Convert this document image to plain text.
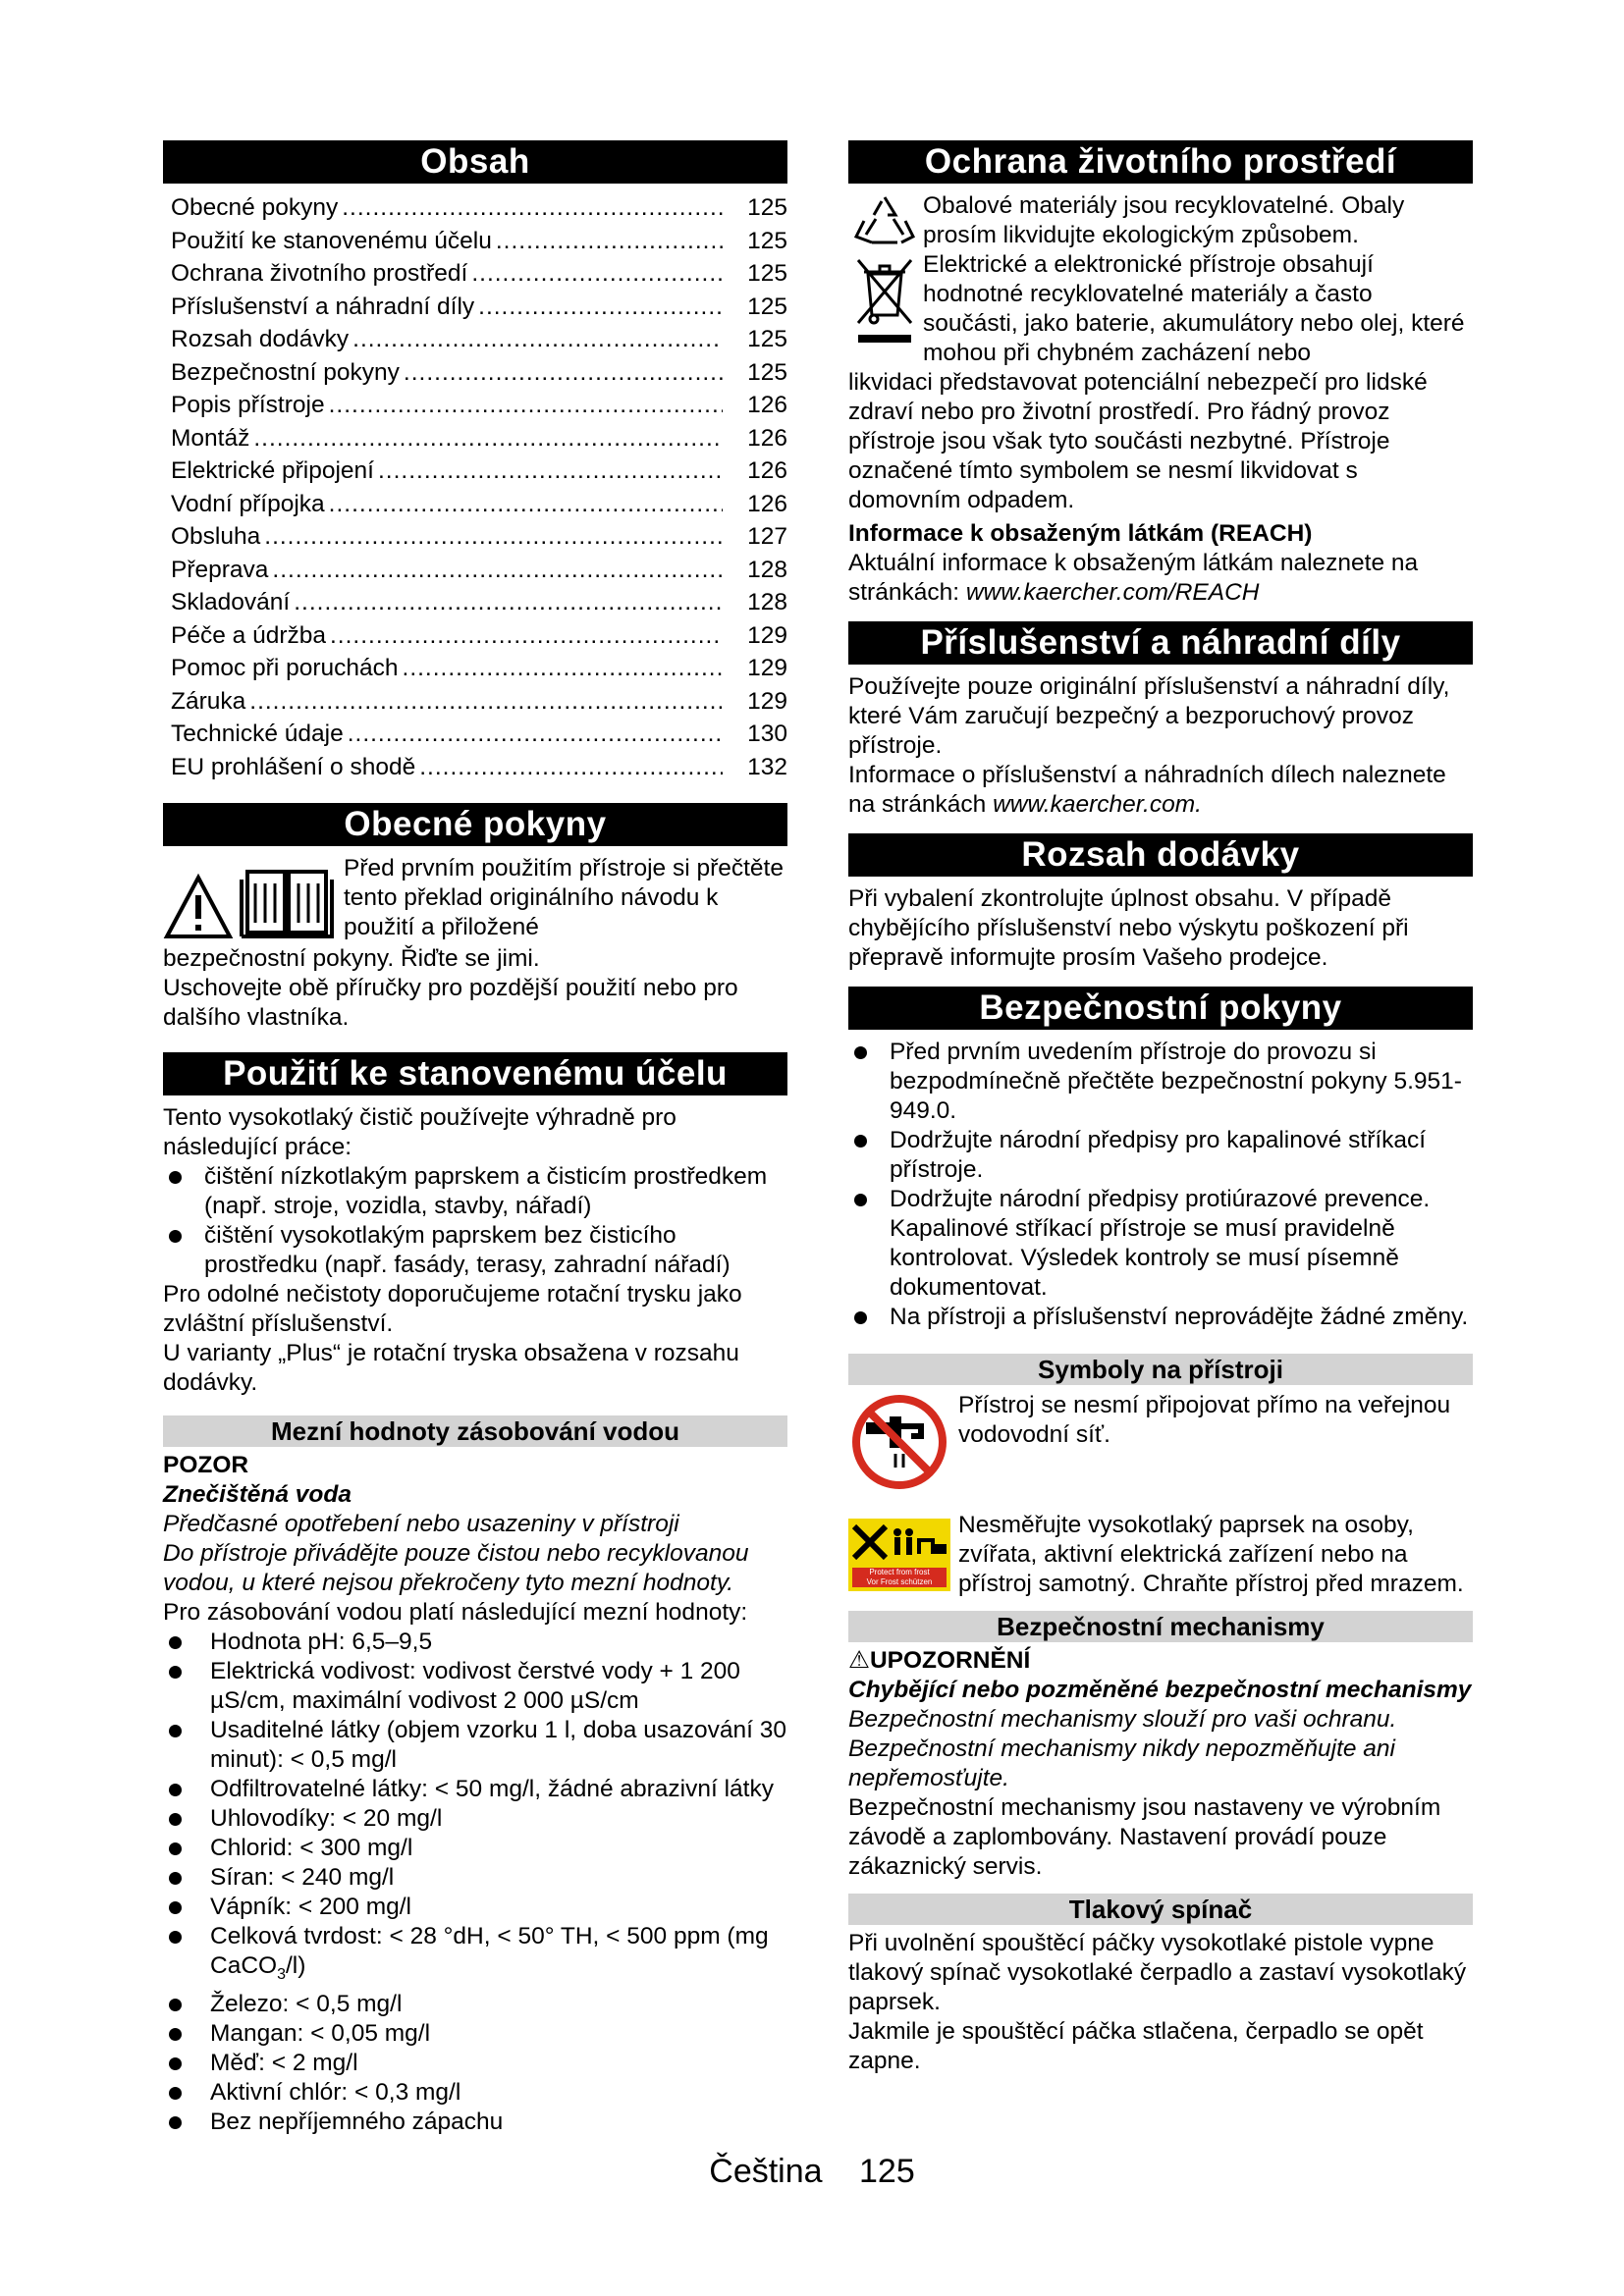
Obsah
Obecné pokyny .....	125
Použití ke stanovenému účelu .....	125
Ochrana životního prostředí .....	125
Příslušenství a náhradní díly .....	125
Rozsah dodávky .....	125
Bezpečnostní pokyny .....	125
Popis přístroje .....	126
Montáž .....	126
Elektrické připojení .....	126
Vodní přípojka .....	126
Obsluha .....	127
Přeprava .....	128
Skladování .....	128
Péče a údržba .....	129
Pomoc při poruchách .....	129
Záruka .....	129
Technické údaje .....	130
EU prohlášení o shodě .....	132
Obecné pokyny

Před prvním použitím přístroje si přečtěte tento překlad originálního návodu k použití a přiložené

bezpečnostní pokyny. Řiďte se jimi.

Uschovejte obě příručky pro pozdější použití nebo pro dalšího vlastníka.

Použití ke stanovenému účelu

Tento vysokotlaký čistič používejte výhradně pro následující práce:

čištění nízkotlakým paprskem a čisticím prostředkem (např. stroje, vozidla, stavby, nářadí)
čištění vysokotlakým paprskem bez čisticího prostředku (např. fasády, terasy, zahradní nářadí)

Pro odolné nečistoty doporučujeme rotační trysku jako zvláštní příslušenství.

U varianty „Plus“ je rotační tryska obsažena v rozsahu dodávky.

Mezní hodnoty zásobování vodou

POZOR

Znečištěná voda

Předčasné opotřebení nebo usazeniny v přístroji

Do přístroje přivádějte pouze čistou nebo recyklovanou vodou, u které nejsou překročeny tyto mezní hodnoty.

Pro zásobování vodou platí následující mezní hodnoty:

Hodnota pH: 6,5–9,5
Elektrická vodivost: vodivost čerstvé vody + 1 200 µS/cm, maximální vodivost 2 000 µS/cm
Usaditelné látky (objem vzorku 1 l, doba usazování 30 minut): < 0,5 mg/l
Odfiltrovatelné látky: < 50 mg/l, žádné abrazivní látky
Uhlovodíky: < 20 mg/l
Chlorid: < 300 mg/l
Síran: < 240 mg/l
Vápník: < 200 mg/l
Celková tvrdost: < 28 °dH, < 50° TH, < 500 ppm (mg CaCO$_3$/l)
Železo: < 0,5 mg/l
Mangan: < 0,05 mg/l
Měď: < 2 mg/l
Aktivní chlór: < 0,3 mg/l
Bez nepříjemného zápachu
Ochrana životního prostředí

Obalové materiály jsou recyklovatelné. Obaly prosím likvidujte ekologickým způsobem.

Elektrické a elektronické přístroje obsahují hodnotné recyklovatelné materiály a často součásti, jako baterie, akumulátory nebo olej, které mohou při chybném zacházení nebo

likvidaci představovat potenciální nebezpečí pro lidské zdraví nebo pro životní prostředí. Pro řádný provoz přístroje jsou však tyto součásti nezbytné. Přístroje označené tímto symbolem se nesmí likvidovat s domovním odpadem.

Informace k obsaženým látkám (REACH)

Aktuální informace k obsaženým látkám naleznete na stránkách: www.kaercher.com/REACH

Příslušenství a náhradní díly

Používejte pouze originální příslušenství a náhradní díly, které Vám zaručují bezpečný a bezporuchový provoz přístroje.

Informace o příslušenství a náhradních dílech naleznete na stránkách www.kaercher.com.

Rozsah dodávky

Při vybalení zkontrolujte úplnost obsahu. V případě chybějícího příslušenství nebo výskytu poškození při přepravě informujte prosím Vašeho prodejce.

Bezpečnostní pokyny
Před prvním uvedením přístroje do provozu si bezpodmínečně přečtěte bezpečnostní pokyny 5.951-949.0.
Dodržujte národní předpisy pro kapalinové stříkací přístroje.
Dodržujte národní předpisy protiúrazové prevence. Kapalinové stříkací přístroje se musí pravidelně kontrolovat. Výsledek kontroly se musí písemně dokumentovat.
Na přístroji a příslušenství neprovádějte žádné změny.
Symboly na přístroji

Přístroj se nesmí připojovat přímo na veřejnou vodovodní síť.

Protect from frost
Vor Frost schützen

Nesměřujte vysokotlaký paprsek na osoby, zvířata, aktivní elektrická zařízení nebo na přístroj samotný. Chraňte přístroj před mrazem.

Bezpečnostní mechanismy

⚠UPOZORNĚNÍ

Chybějící nebo pozměněné bezpečnostní mechanismy

Bezpečnostní mechanismy slouží pro vaši ochranu.

Bezpečnostní mechanismy nikdy nepozměňujte ani nepřemosťujte.

Bezpečnostní mechanismy jsou nastaveny ve výrobním závodě a zaplombovány. Nastavení provádí pouze zákaznický servis.

Tlakový spínač

Při uvolnění spouštěcí páčky vysokotlaké pistole vypne tlakový spínač vysokotlaké čerpadlo a zastaví vysokotlaký paprsek.

Jakmile je spouštěcí páčka stlačena, čerpadlo se opět zapne.

Čeština 125
